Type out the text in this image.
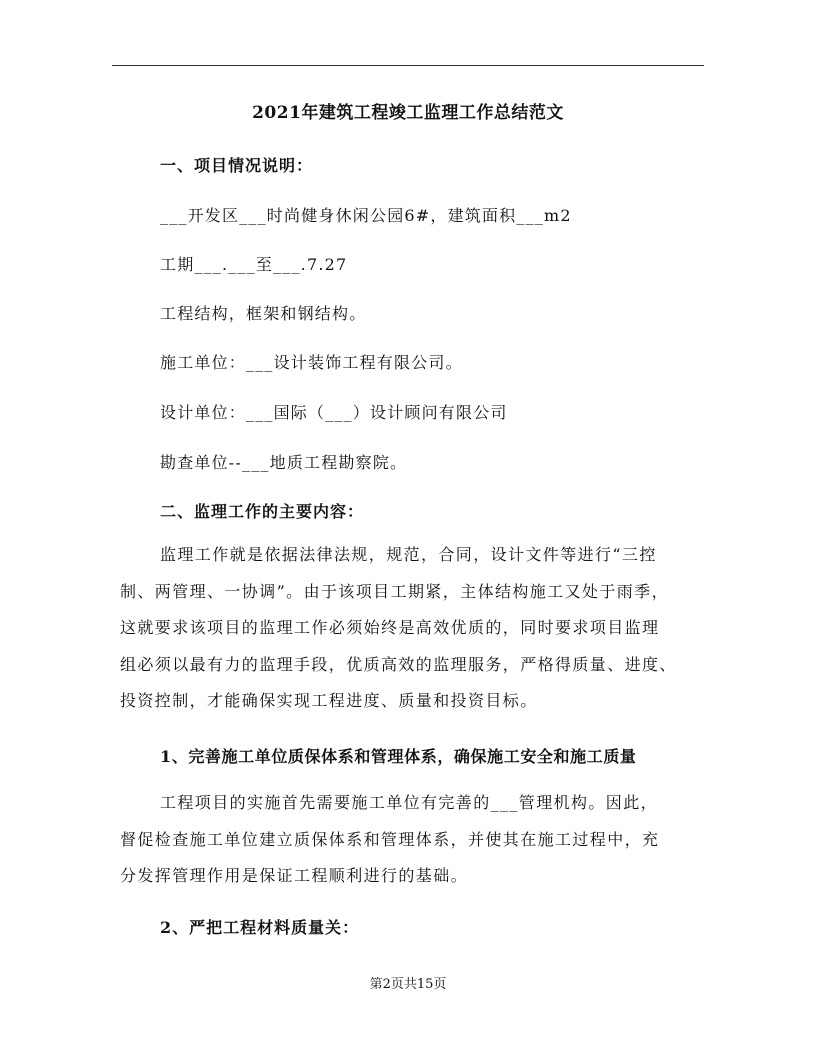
2021年建筑工程竣工监理工作总结范文
一、项目情况说明：
___开发区___时尚健身休闲公园6#，建筑面积___m2
工期___.___至___.7.27
工程结构，框架和钢结构。
施工单位：___设计装饰工程有限公司。
设计单位：___国际（___）设计顾问有限公司
勘查单位--___地质工程勘察院。
二、监理工作的主要内容：
监理工作就是依据法律法规，规范，合同，设计文件等进行“三控
制、两管理、一协调”。由于该项目工期紧，主体结构施工又处于雨季，
这就要求该项目的监理工作必须始终是高效优质的，同时要求项目监理
组必须以最有力的监理手段，优质高效的监理服务，严格得质量、进度、
投资控制，才能确保实现工程进度、质量和投资目标。
1、完善施工单位质保体系和管理体系，确保施工安全和施工质量
工程项目的实施首先需要施工单位有完善的___管理机构。因此，
督促检查施工单位建立质保体系和管理体系，并使其在施工过程中，充
分发挥管理作用是保证工程顺利进行的基础。
2、严把工程材料质量关：
第2页共15页
